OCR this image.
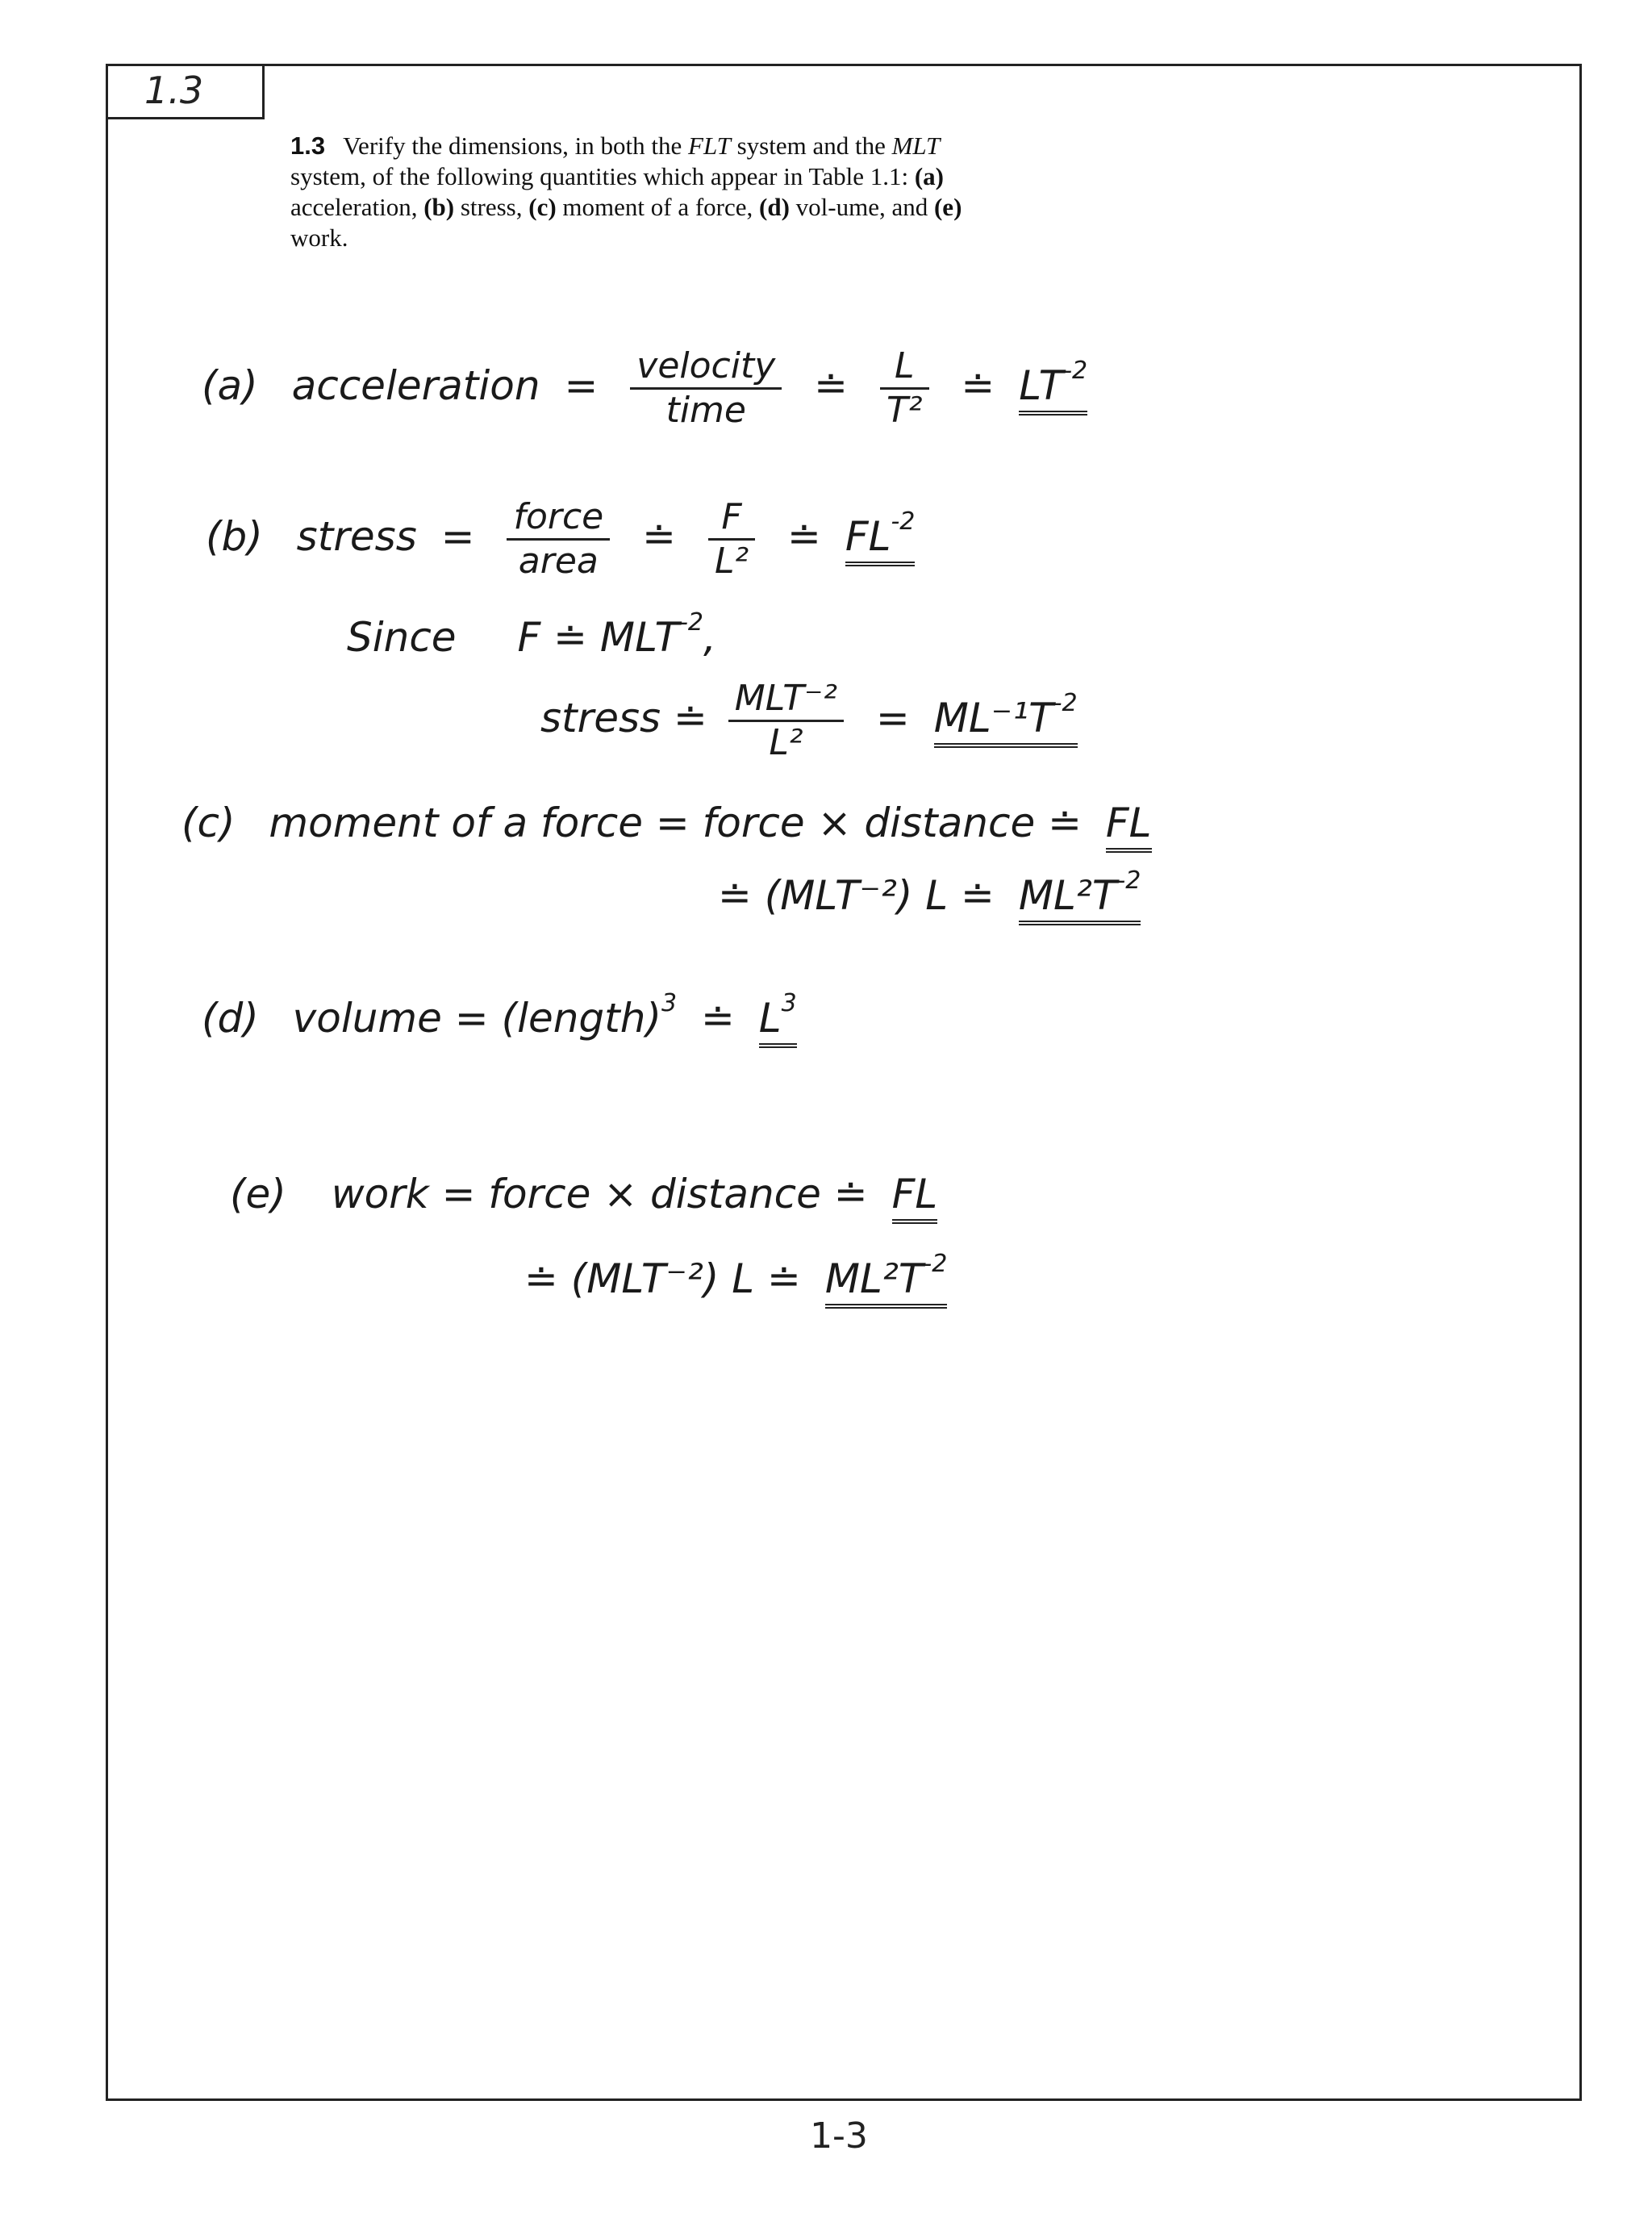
1.3
1.3 Verify the dimensions, in both the FLT system and the MLT system, of the following quantities which appear in Table 1.1: (a) acceleration, (b) stress, (c) moment of a force, (d) vol-ume, and (e) work.
(a) acceleration = $\frac{\text{velocity}}{\text{time}}$ ≐ $\frac{L}{\text{T²}}$ ≐ $LT^{-2}$
(b) stress = $\frac{\text{force}}{\text{area}}$ ≐ $\frac{F}{\text{L²}}$ ≐ $FL^{-2}$
Since F ≐ $MLT^{-2}$,
stress ≐ $\frac{\text{MLT⁻²}}{\text{L²}} = ML^{-1}T^{-2}$
(c) moment of a force = force × distance ≐ FL
≐ (MLT⁻²) L ≐ $ML^2T^{-2}$
(d) volume = (length)$^3$ ≐ $L^3$
(e) work = force × distance ≐ FL
≐ (MLT⁻²) L ≐ $ML^2T^{-2}$
1-3
